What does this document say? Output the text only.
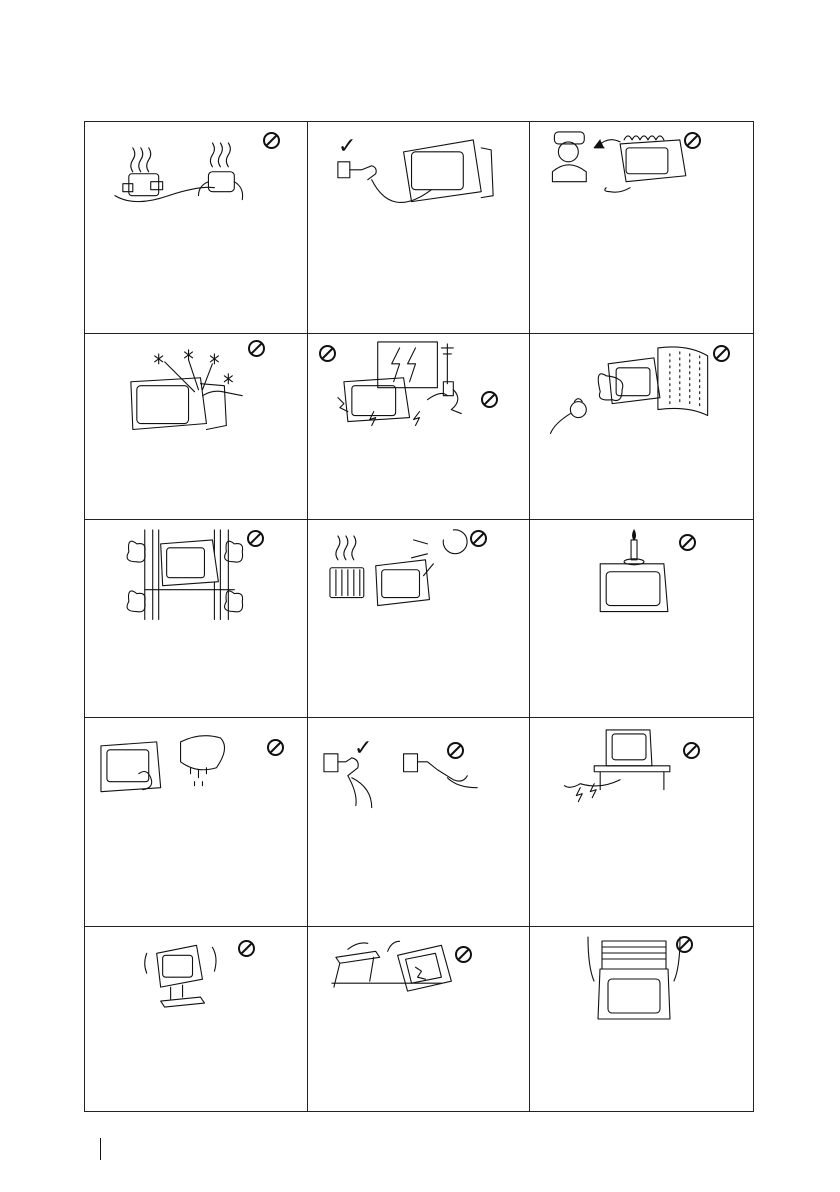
✓
✓
